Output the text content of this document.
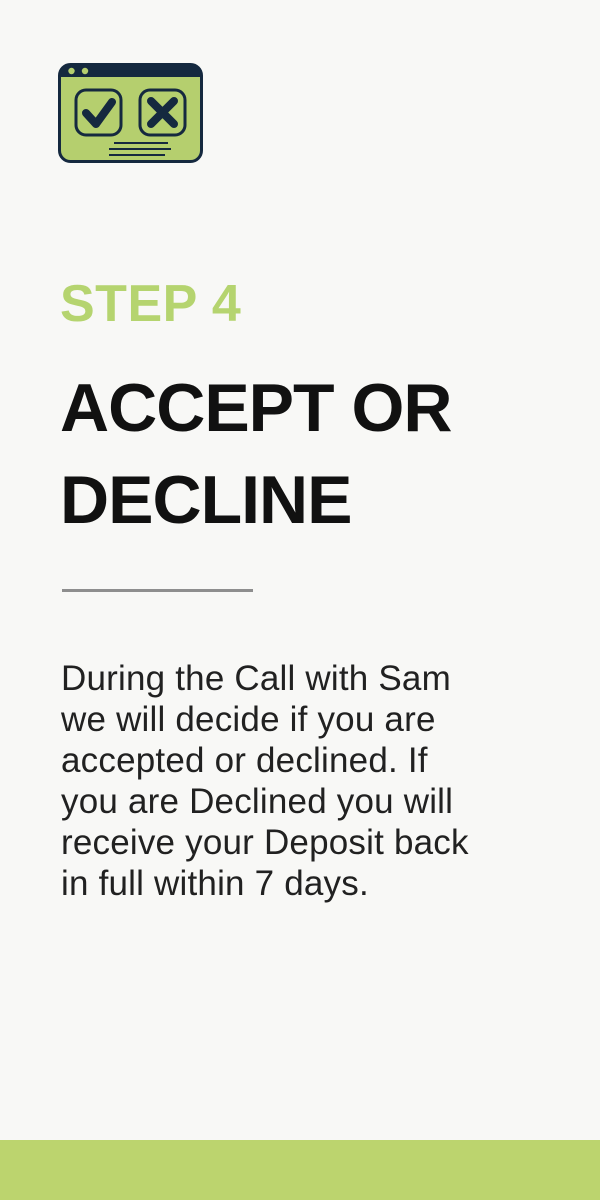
STEP 4
ACCEPT OR
DECLINE
During the Call with Sam
we will decide if you are
accepted or declined. If
you are Declined you will
receive your Deposit back
in full within 7 days.
